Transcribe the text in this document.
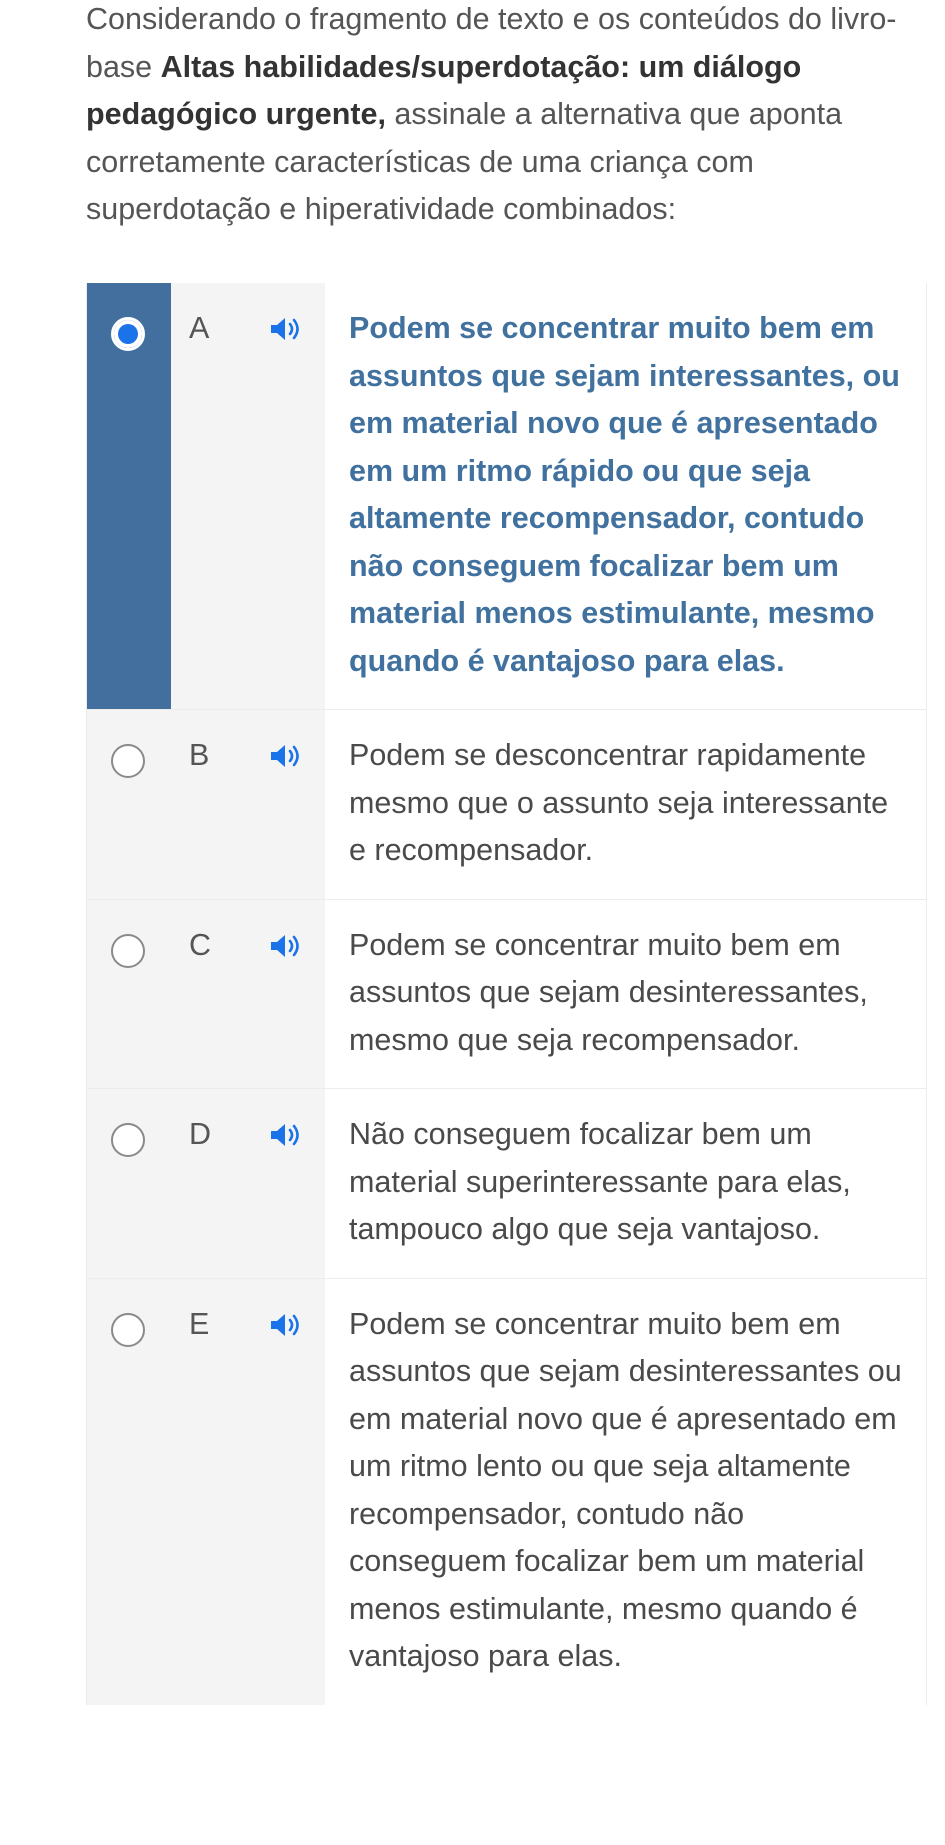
Considerando o fragmento de texto e os conteúdos do livro-base Altas habilidades/superdotação: um diálogo pedagógico urgente, assinale a alternativa que aponta corretamente características de uma criança com superdotação e hiperatividade combinados:
A	Podem se concentrar muito bem em assuntos que sejam interessantes, ou em material novo que é apresentado em um ritmo rápido ou que seja altamente recompensador, contudo não conseguem focalizar bem um material menos estimulante, mesmo quando é vantajoso para elas.
B	Podem se desconcentrar rapidamente mesmo que o assunto seja interessante e recompensador.
C	Podem se concentrar muito bem em assuntos que sejam desinteressantes, mesmo que seja recompensador.
D	Não conseguem focalizar bem um material superinteressante para elas, tampouco algo que seja vantajoso.
E	Podem se concentrar muito bem em assuntos que sejam desinteressantes ou em material novo que é apresentado em um ritmo lento ou que seja altamente recompensador, contudo não conseguem focalizar bem um material menos estimulante, mesmo quando é vantajoso para elas.
